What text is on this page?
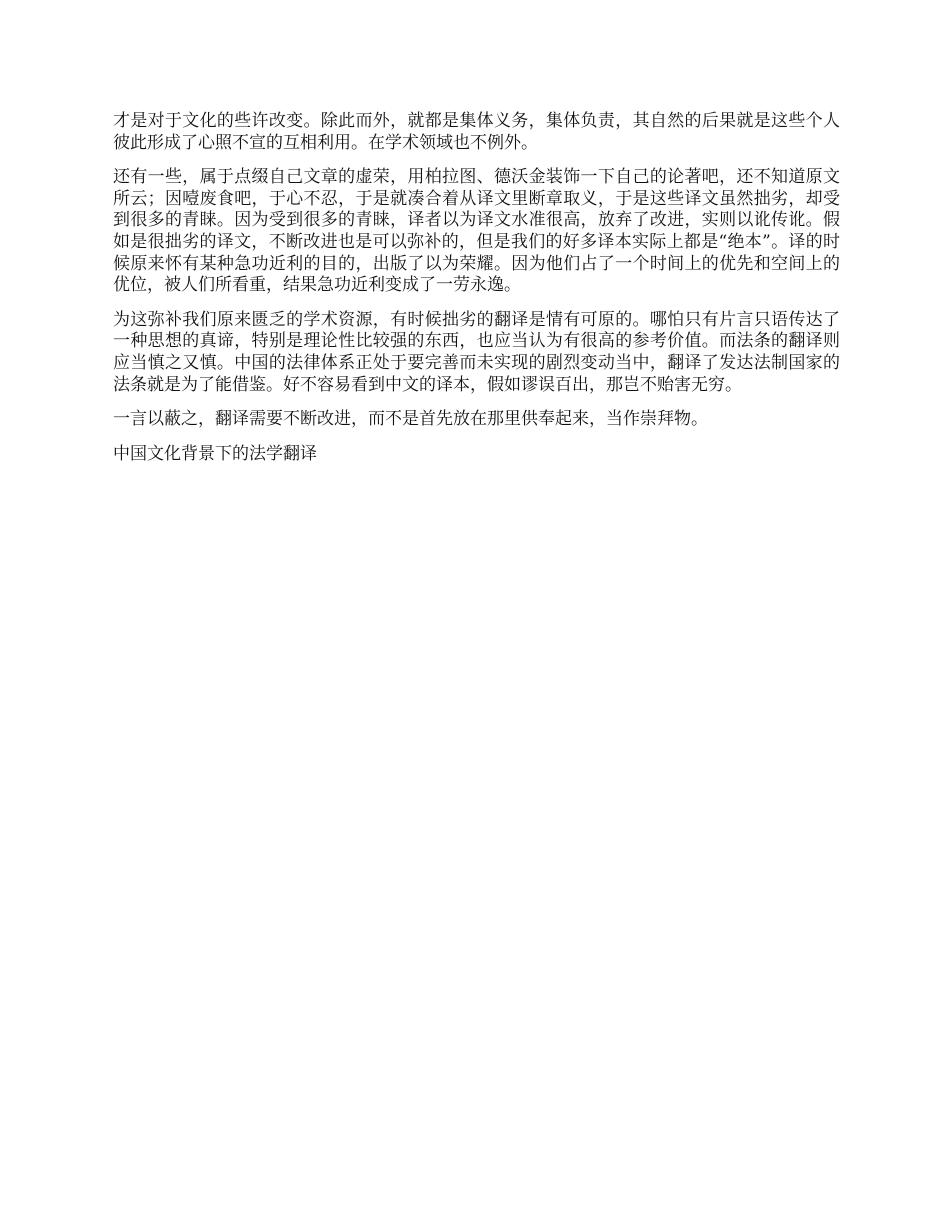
才是对于文化的些许改变。除此而外，就都是集体义务，集体负责，其自然的后果就是这些个人彼此形成了心照不宣的互相利用。在学术领域也不例外。

还有一些，属于点缀自己文章的虚荣，用柏拉图、德沃金装饰一下自己的论著吧，还不知道原文所云；因噎废食吧，于心不忍，于是就凑合着从译文里断章取义，于是这些译文虽然拙劣，却受到很多的青睐。因为受到很多的青睐，译者以为译文水准很高，放弃了改进，实则以讹传讹。假如是很拙劣的译文，不断改进也是可以弥补的，但是我们的好多译本实际上都是“绝本”。译的时候原来怀有某种急功近利的目的，出版了以为荣耀。因为他们占了一个时间上的优先和空间上的优位，被人们所看重，结果急功近利变成了一劳永逸。

为这弥补我们原来匮乏的学术资源，有时候拙劣的翻译是情有可原的。哪怕只有片言只语传达了一种思想的真谛，特别是理论性比较强的东西，也应当认为有很高的参考价值。而法条的翻译则应当慎之又慎。中国的法律体系正处于要完善而未实现的剧烈变动当中，翻译了发达法制国家的法条就是为了能借鉴。好不容易看到中文的译本，假如谬误百出，那岂不贻害无穷。

一言以蔽之，翻译需要不断改进，而不是首先放在那里供奉起来，当作崇拜物。

中国文化背景下的法学翻译
